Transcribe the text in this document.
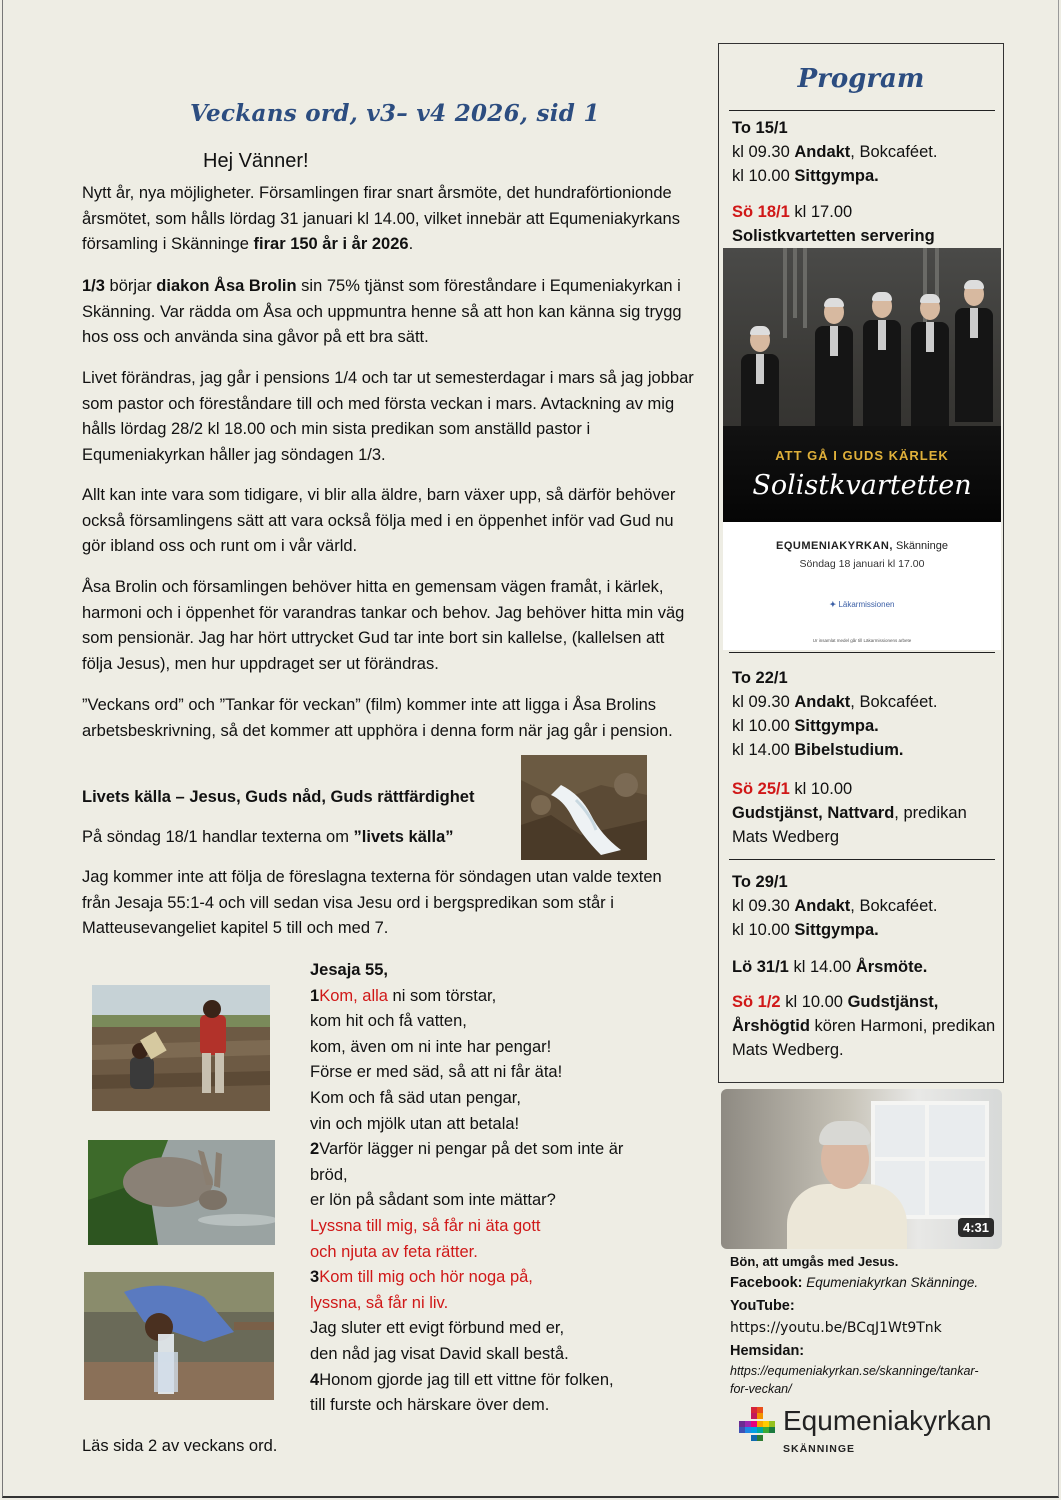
Veckans ord, v3– v4 2026, sid 1
Hej Vänner!

Nytt år, nya möjligheter. Församlingen firar snart årsmöte, det hundrafֹörtionionde årsmötet, som hålls lördag 31 januari kl 14.00, vilket innebär att Equmeniakyrkans församling i Skänninge firar 150 år i år 2026.

1/3 börjar diakon Åsa Brolin sin 75% tjänst som föreståndare i Equmeniakyrkan i Skänning. Var rädda om Åsa och uppmuntra henne så att hon kan känna sig trygg hos oss och använda sina gåvor på ett bra sätt.

Livet förändras, jag går i pensions 1/4 och tar ut semesterdagar i mars så jag jobbar som pastor och föreståndare till och med första veckan i mars. Avtackning av mig hålls lördag 28/2 kl 18.00 och min sista predikan som anställd pastor i Equmeniakyrkan håller jag söndagen 1/3.

Allt kan inte vara som tidigare, vi blir alla äldre, barn växer upp, så därför behöver också församlingens sätt att vara också följa med i en öppenhet inför vad Gud nu gör ibland oss och runt om i vår värld.

Åsa Brolin och församlingen behöver hitta en gemensam vägen framåt, i kärlek, harmoni och i öppenhet för varandras tankar och behov. Jag behöver hitta min väg som pensionär. Jag har hört uttrycket Gud tar inte bort sin kallelse, (kallelsen att följa Jesus), men hur uppdraget ser ut förändras.

”Veckans ord” och ”Tankar för veckan” (film) kommer inte att ligga i Åsa Brolins arbetsbeskrivning, så det kommer att upphöra i denna form när jag går i pension.

Livets källa – Jesus, Guds nåd, Guds rättfärdighet

På söndag 18/1 handlar texterna om ”livets källa”

Jag kommer inte att följa de föreslagna texterna för söndagen utan valde texten från Jesaja 55:1-4 och vill sedan visa Jesu ord i bergspredikan som står i Matteusevangeliet kapitel 5 till och med 7.

Jesaja 55,

1Kom, alla ni som törstar,

kom hit och få vatten,

kom, även om ni inte har pengar!

Förse er med säd, så att ni får äta!

Kom och få säd utan pengar,

vin och mjölk utan att betala!

2Varför lägger ni pengar på det som inte är

bröd,

er lön på sådant som inte mättar?

Lyssna till mig, så får ni äta gott

och njuta av feta rätter.

3Kom till mig och hör noga på,

lyssna, så får ni liv.

Jag sluter ett evigt förbund med er,

den nåd jag visat David skall bestå.

4Honom gjorde jag till ett vittne för folken,

till furste och härskare över dem.

Läs sida 2 av veckans ord.

Program
To 15/1
kl 09.30 Andakt, Bokcaféet.
kl 10.00 Sittgympa.
Sö 18/1 kl 17.00
Solistkvartetten servering
ATT GÅ I GUDS KÄRLEK
Solistkvartetten
EQUMENIAKYRKAN, Skänninge
Söndag 18 januari kl 17.00
✦ Läkarmissionen
Ur insamlat medel går till Läkarmissionens arbete
To 22/1
kl 09.30 Andakt, Bokcaféet.
kl 10.00 Sittgympa.
kl 14.00 Bibelstudium.
Sö 25/1 kl 10.00
Gudstjänst, Nattvard, predikan
Mats Wedberg
To 29/1
kl 09.30 Andakt, Bokcaféet.
kl 10.00 Sittgympa.
Lö 31/1 kl 14.00 Årsmöte.
Sö 1/2 kl 10.00 Gudstjänst,
Årshögtid kören Harmoni, predikan
Mats Wedberg.
4:31
Bön, att umgås med Jesus.
Facebook: Equmeniakyrkan Skänninge.
YouTube:
https://youtu.be/BCqJ1Wt9Tnk
Hemsidan:
https://equmeniakyrkan.se/skanninge/tankar-for-veckan/
Equmeniakyrkan
SKÄNNINGE
